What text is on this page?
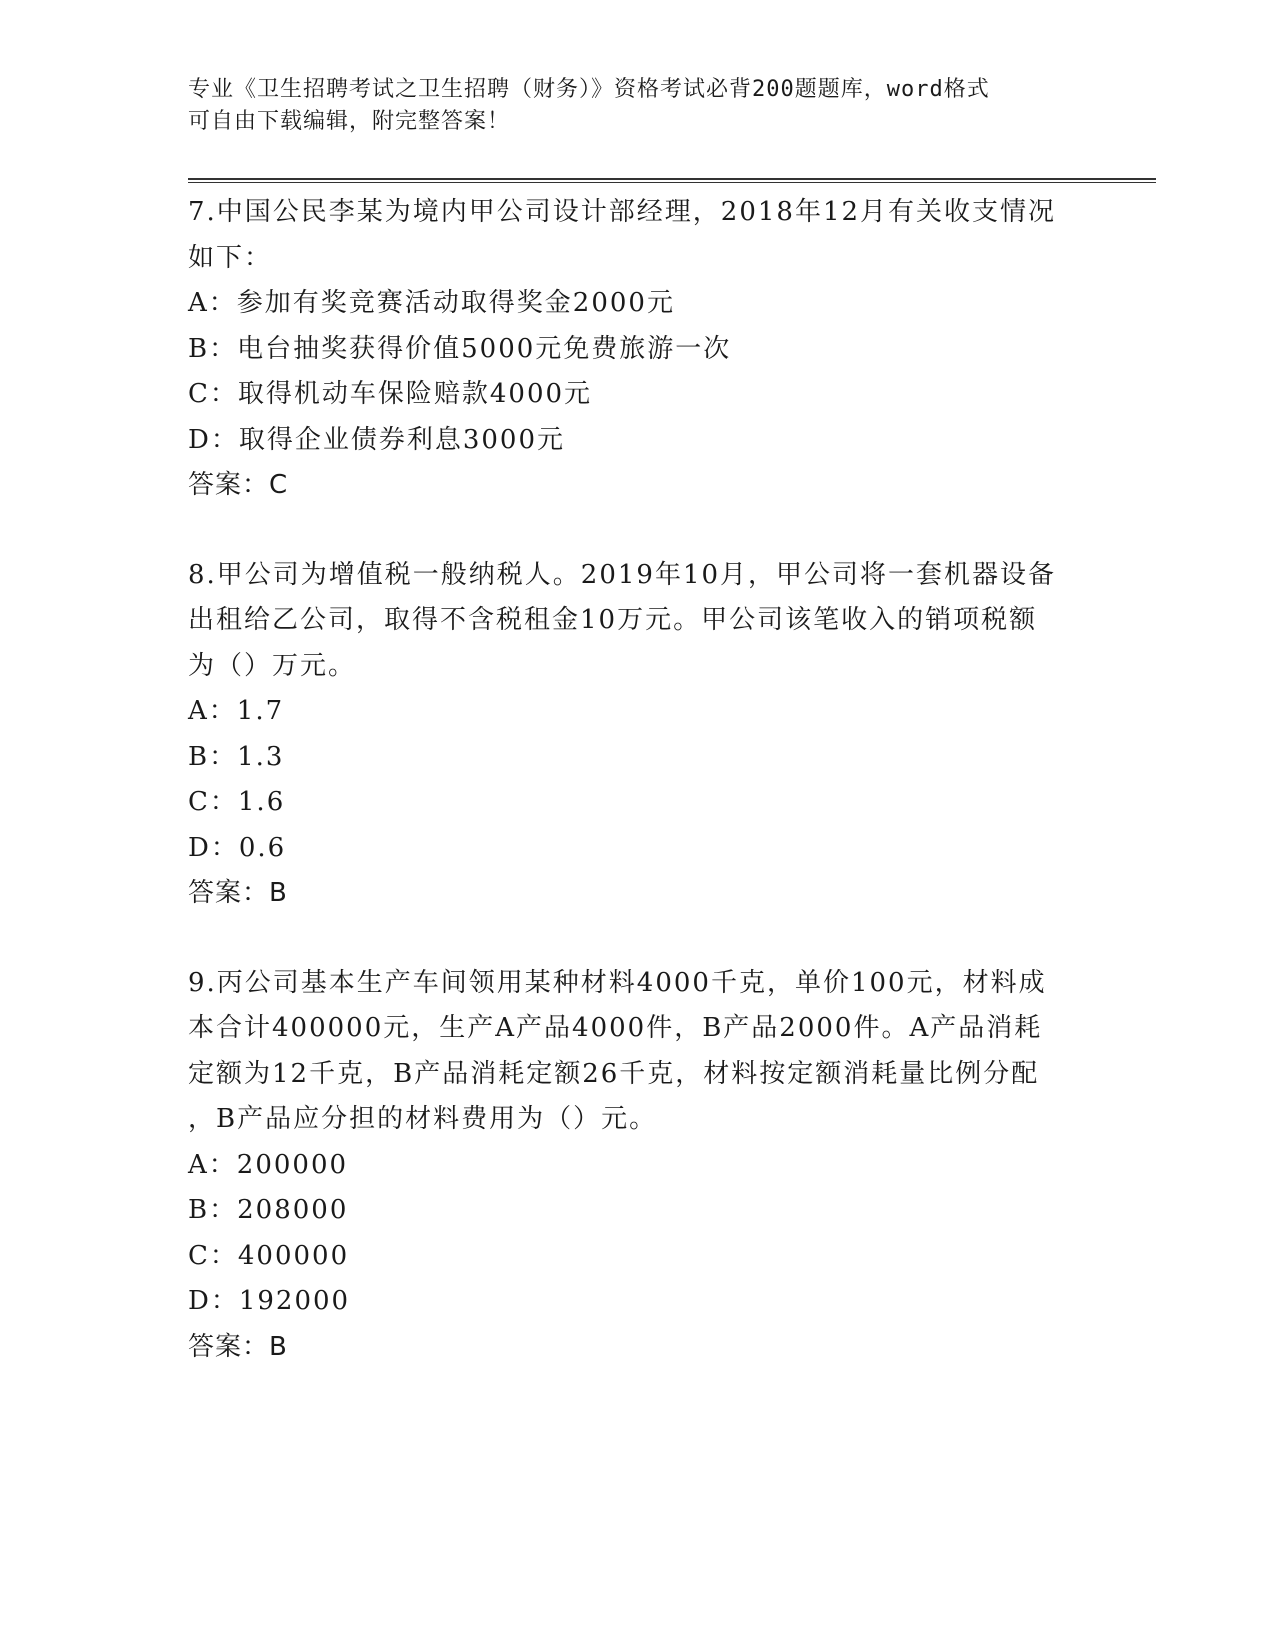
专业《卫生招聘考试之卫生招聘（财务）》资格考试必背200题题库，word格式
可自由下载编辑，附完整答案！
7.中国公民李某为境内甲公司设计部经理，2018年12月有关收支情况
如下：
A：参加有奖竞赛活动取得奖金2000元
B：电台抽奖获得价值5000元免费旅游一次
C：取得机动车保险赔款4000元
D：取得企业债券利息3000元
答案：C
8.甲公司为增值税一般纳税人。2019年10月，甲公司将一套机器设备
出租给乙公司，取得不含税租金10万元。甲公司该笔收入的销项税额
为（）万元。
A：1.7
B：1.3
C：1.6
D：0.6
答案：B
9.丙公司基本生产车间领用某种材料4000千克，单价100元，材料成
本合计400000元，生产A产品4000件，B产品2000件。A产品消耗
定额为12千克，B产品消耗定额26千克，材料按定额消耗量比例分配
，B产品应分担的材料费用为（）元。
A：200000
B：208000
C：400000
D：192000
答案：B
